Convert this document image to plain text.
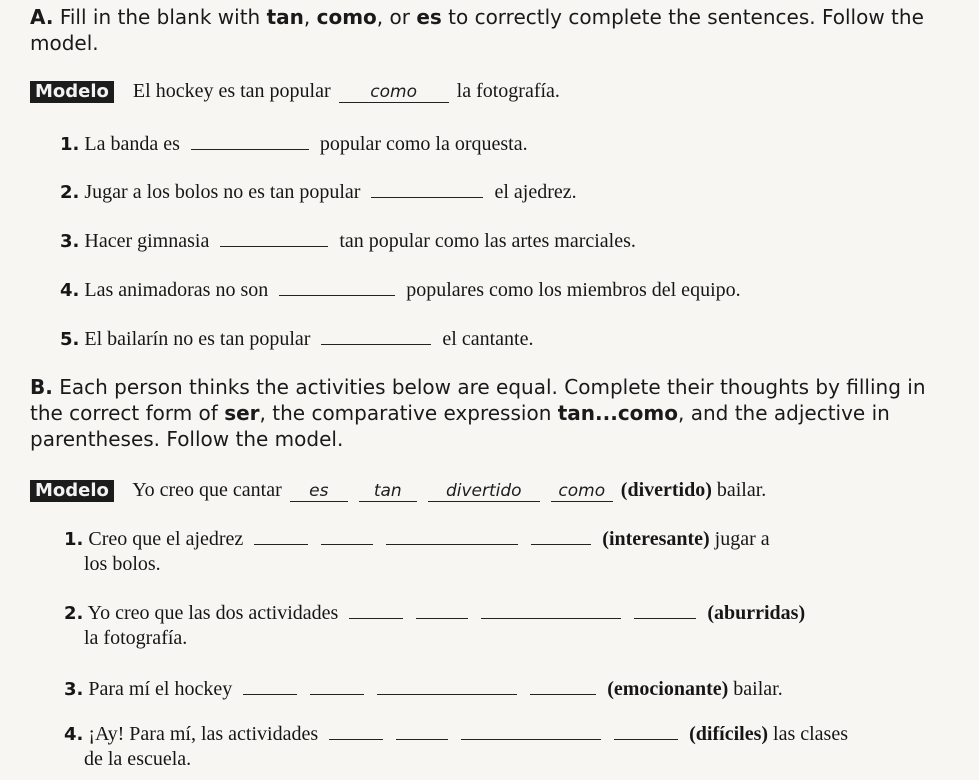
A. Fill in the blank with tan, como, or es to correctly complete the sentences. Follow the model.
Modelo El hockey es tan popular como la fotografía.
1. La banda es	popular como la orquesta.
2. Jugar a los bolos no es tan popular	el ajedrez.
3. Hacer gimnasia	tan popular como las artes marciales.
4. Las animadoras no son	populares como los miembros del equipo.
5. El bailarín no es tan popular	el cantante.
B. Each person thinks the activities below are equal. Complete their thoughts by filling in the correct form of ser, the comparative expression tan...como, and the adjective in parentheses. Follow the model.
Modelo Yo creo que cantar es	tan	divertido como (divertido) bailar.
1. Creo que el ajedrez	(interesante) jugar a
los bolos.
2. Yo creo que las dos actividades	(aburridas)
la fotografía.
3. Para mí el hockey	(emocionante) bailar.
4. ¡Ay! Para mí, las actividades	(difíciles) las clases
de la escuela.
